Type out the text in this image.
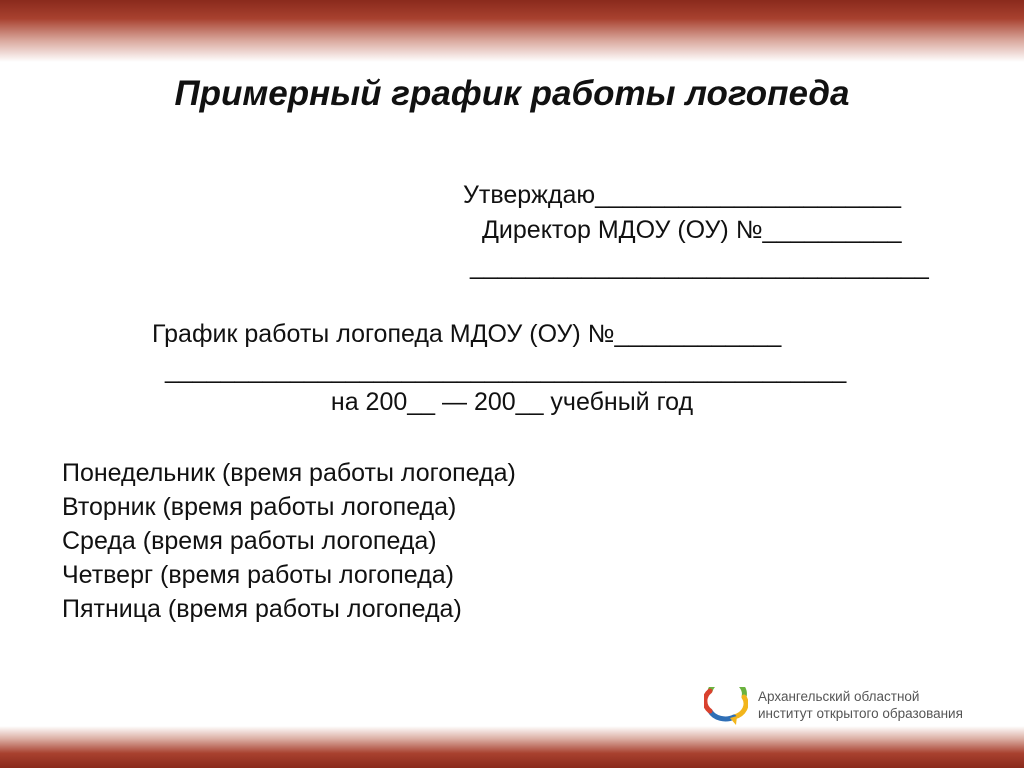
Примерный график работы логопеда
Утверждаю______________________
Директор МДОУ (ОУ) №__________
_________________________________
График работы логопеда МДОУ (ОУ) №____________
_________________________________________________
на 200__ — 200__ учебный год
Понедельник (время работы логопеда)
Вторник (время работы логопеда)
Среда (время работы логопеда)
Четверг (время работы логопеда)
Пятница (время работы логопеда)
Архангельский областной
институт открытого образования
